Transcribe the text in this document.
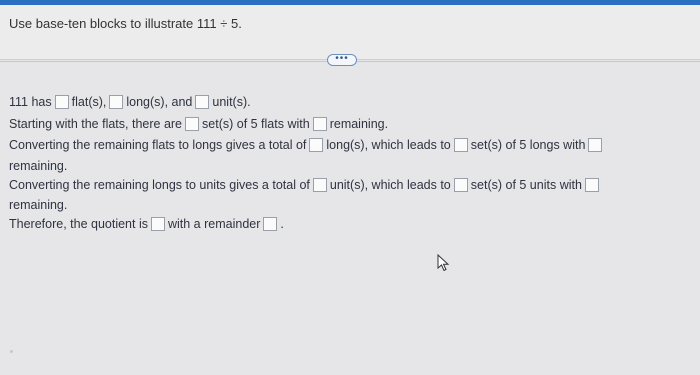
Use base-ten blocks to illustrate 111 ÷ 5.
•••
111 has flat(s), long(s), and unit(s).
Starting with the flats, there are set(s) of 5 flats with remaining.
Converting the remaining flats to longs gives a total of long(s), which leads to set(s) of 5 longs with
remaining.
Converting the remaining longs to units gives a total of unit(s), which leads to set(s) of 5 units with
remaining.
Therefore, the quotient is with a remainder .
